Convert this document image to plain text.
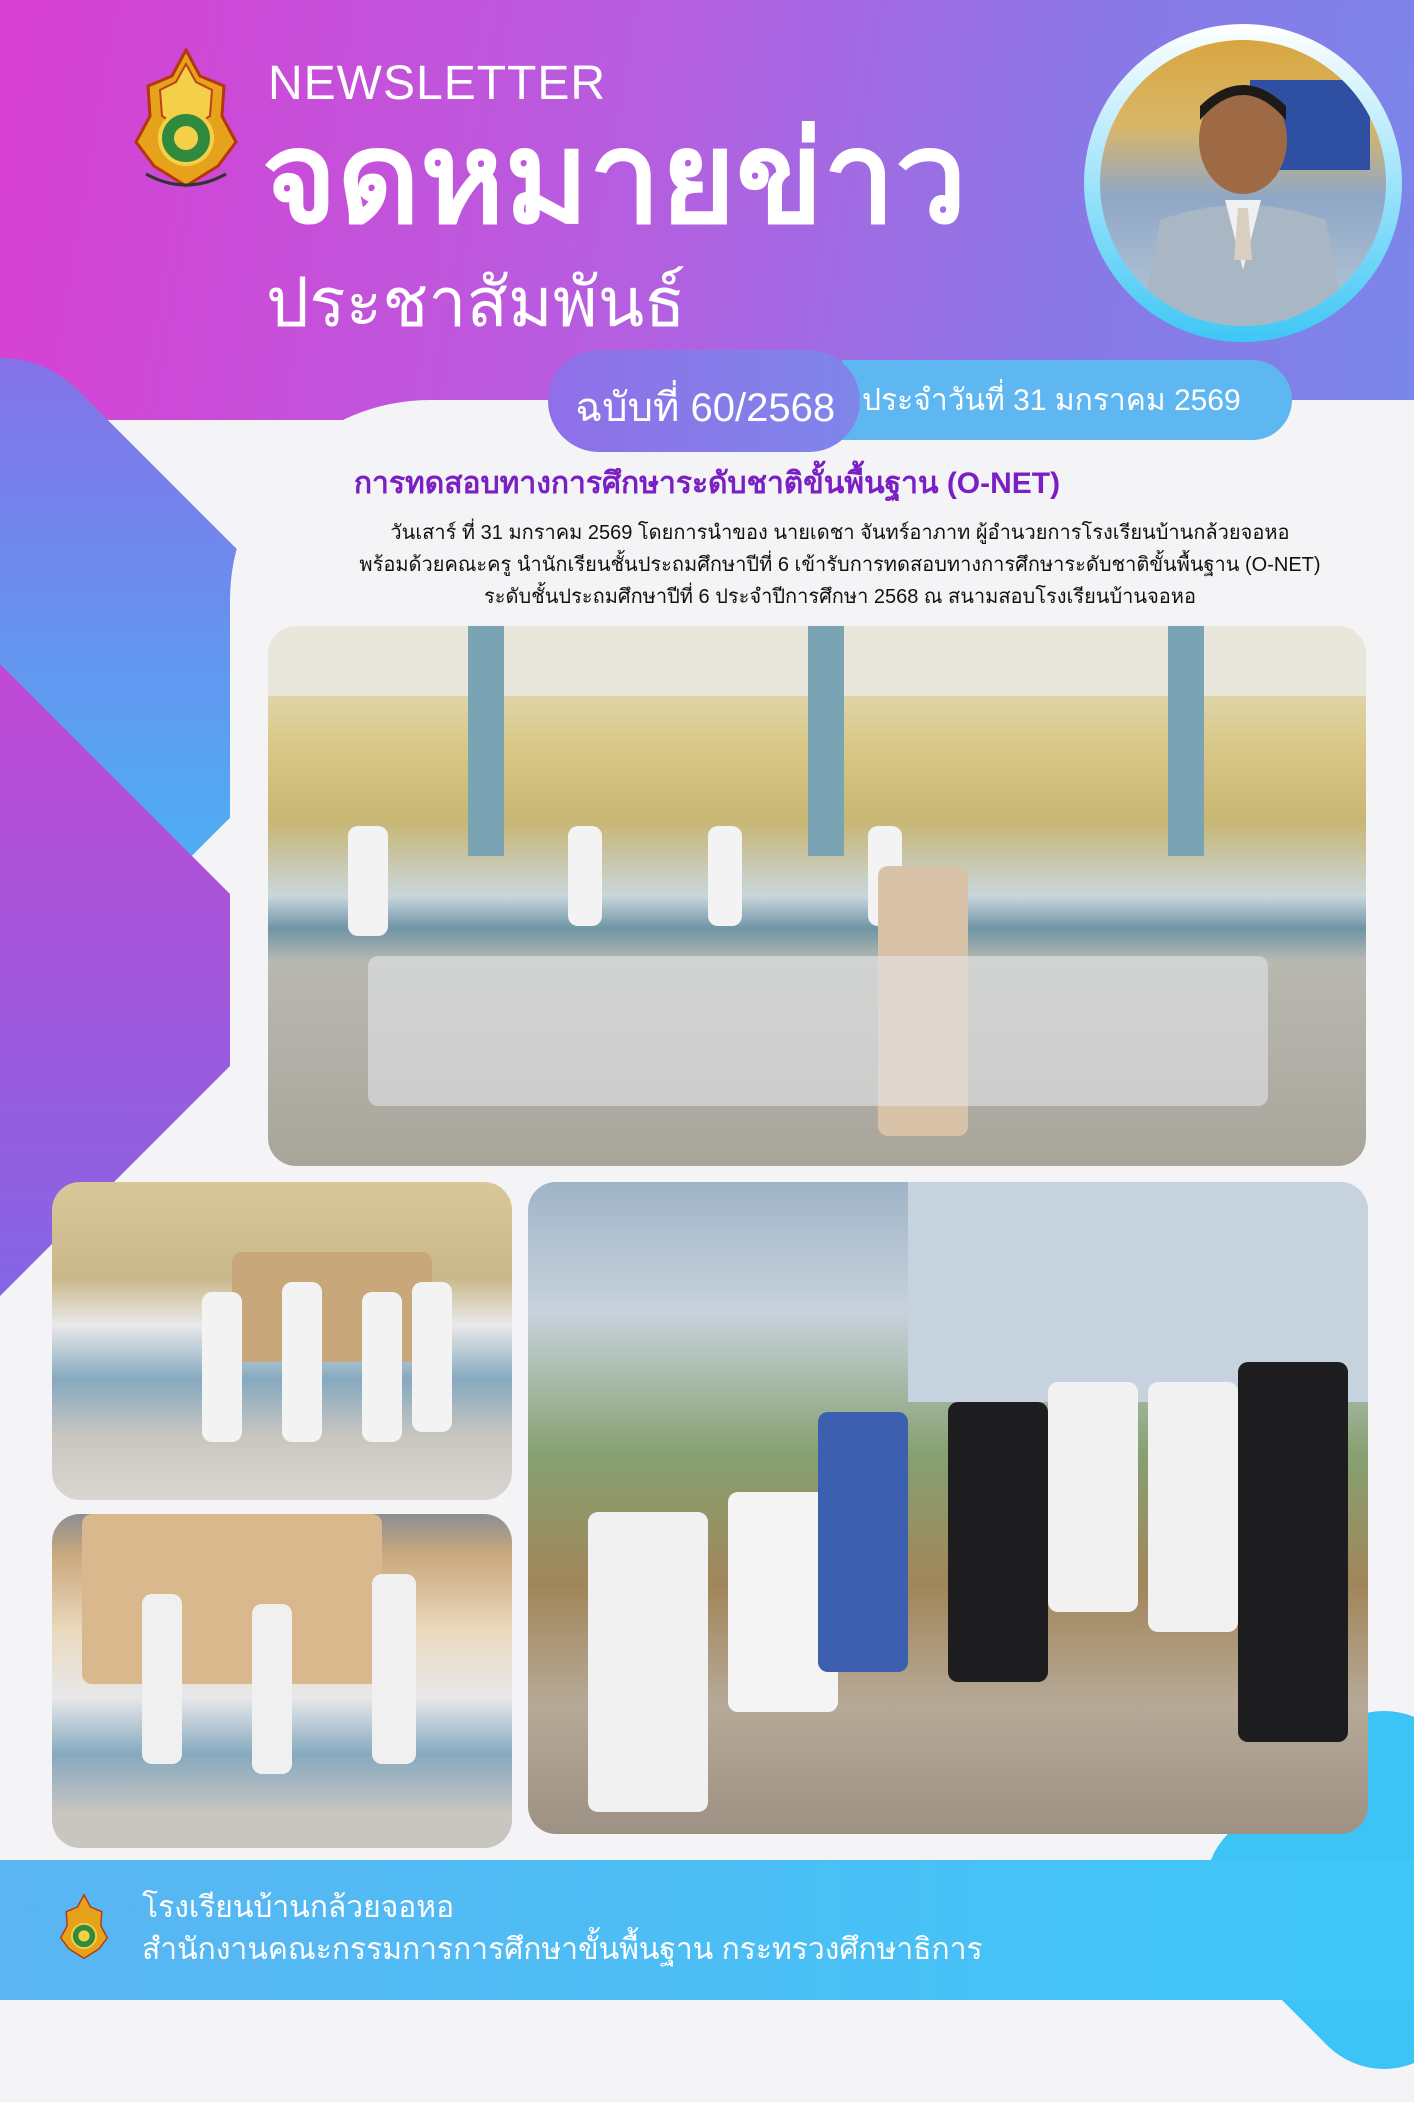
NEWSLETTER
จดหมายข่าว
ประชาสัมพันธ์
ฉบับที่ 60/2568 ประจำวันที่ 31 มกราคม 2569
การทดสอบทางการศึกษาระดับชาติขั้นพื้นฐาน (O-NET)
วันเสาร์ ที่ 31 มกราคม 2569 โดยการนำของ นายเดชา จันทร์อาภาท ผู้อำนวยการโรงเรียนบ้านกล้วยจอหอ
พร้อมด้วยคณะครู นำนักเรียนชั้นประถมศึกษาปีที่ 6 เข้ารับการทดสอบทางการศึกษาระดับชาติขั้นพื้นฐาน (O-NET)
ระดับชั้นประถมศึกษาปีที่ 6 ประจำปีการศึกษา 2568 ณ สนามสอบโรงเรียนบ้านจอหอ
โรงเรียนบ้านกล้วยจอหอ
สำนักงานคณะกรรมการการศึกษาขั้นพื้นฐาน กระทรวงศึกษาธิการ
